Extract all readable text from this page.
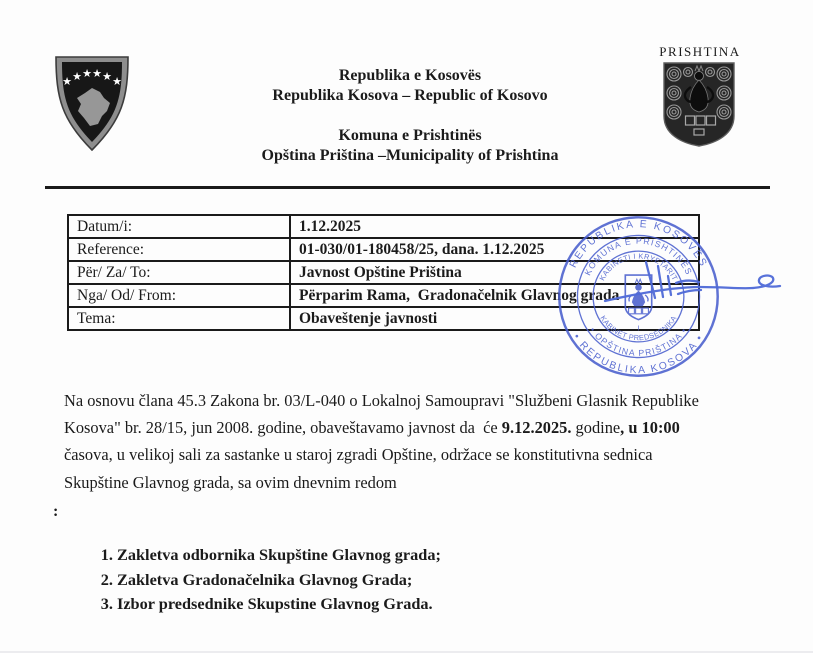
★ ★ ★ ★ ★ ★	Republika e Kosovës
Republika Kosova – Republic of Kosovo
Komuna e Prishtinës
Opština Priština –Municipality of Prishtina
PRISHTINA
Datum/i:	1.12.2025
Reference:	01-030/01-180458/25, dana. 1.12.2025
Për/ Za/ To:	Javnost Opštine Priština
Nga/ Od/ From:	Përparim Rama,  Gradonačelnik Glavnog grada
Tema:	Obaveštenje javnosti
REPUBLIKA E KOSOVËS
• REPUBLIKA KOSOVA •
KOMUNA E PRISHTINËS
• OPŠTINA PRIŠTINA •
KABINETI I KRYETARIT
KABINET PREDSEDNIKA
I
Na osnovu člana 45.3 Zakona br. 03/L-040 o Lokalnoj Samoupravi "Službeni Glasnik Republike
Kosova" br. 28/15, jun 2008. godine, obaveštavamo javnost da  će 9.12.2025. godine, u 10:00
časova, u velikoj sali za sastanke u staroj zgradi Opštine, održace se konstitutivna sednica
Skupštine Glavnog grada, sa ovim dnevnim redom
:
1. Zakletva odbornika Skupštine Glavnog grada;
2. Zakletva Gradonačelnika Glavnog Grada;
3. Izbor predsednike Skupstine Glavnog Grada.
